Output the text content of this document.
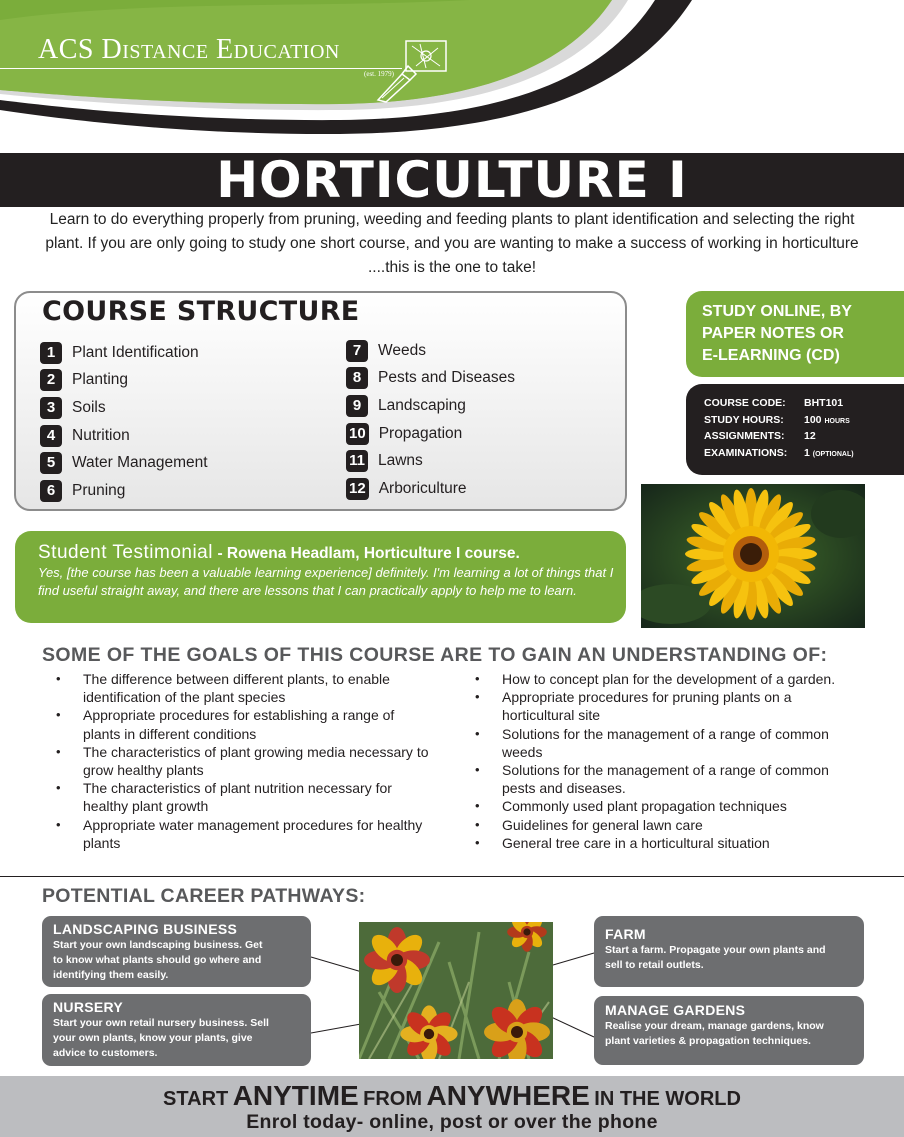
ACS Distance Education
(est. 1979)
HORTICULTURE I

Learn to do everything properly from pruning, weeding and feeding plants to plant identification and selecting the right plant. If you are only going to study one short course, and you are wanting to make a success of working in horticulture ....this is the one to take!

COURSE STRUCTURE
1	Plant Identification
2	Planting
3	Soils
4	Nutrition
5	Water Management
6	Pruning
7	Weeds
8	Pests and Diseases
9	Landscaping
10 Propagation
11 Lawns
12 Arboriculture
STUDY ONLINE, BY
PAPER NOTES OR
E-LEARNING (CD)
COURSE CODE: BHT101
STUDY HOURS: 100 HOURS
ASSIGNMENTS: 12
EXAMINATIONS: 1 (OPTIONAL)
Student Testimonial - Rowena Headlam, Horticulture I course.

Yes, [the course has been a valuable learning experience] definitely. I'm learning a lot of things that I find useful straight away, and there are lessons that I can practically apply to help me to learn.

SOME OF THE GOALS OF THIS COURSE ARE TO GAIN AN UNDERSTANDING OF:
• The difference between different plants, to enable
identification of the plant species
• Appropriate procedures for establishing a range of
plants in different conditions
• The characteristics of plant growing media necessary to
grow healthy plants
• The characteristics of plant nutrition necessary for
healthy plant growth
• Appropriate water management procedures for healthy
plants
• How to concept plan for the development of a garden.
• Appropriate procedures for pruning plants on a
horticultural site
• Solutions for the management of a range of common
weeds
• Solutions for the management of a range of common
pests and diseases.
• Commonly used plant propagation techniques
• Guidelines for general lawn care
• General tree care in a horticultural situation
POTENTIAL CAREER PATHWAYS:
LANDSCAPING BUSINESS
Start your own landscaping business. Get
to know what plants should go where and
identifying them easily.
NURSERY
Start your own retail nursery business. Sell
your own plants, know your plants, give
advice to customers.
FARM
Start a farm. Propagate your own plants and
sell to retail outlets.
MANAGE GARDENS
Realise your dream, manage gardens, know
plant varieties & propagation techniques.
START ANYTIME FROM ANYWHERE IN THE WORLD
Enrol today- online, post or over the phone
